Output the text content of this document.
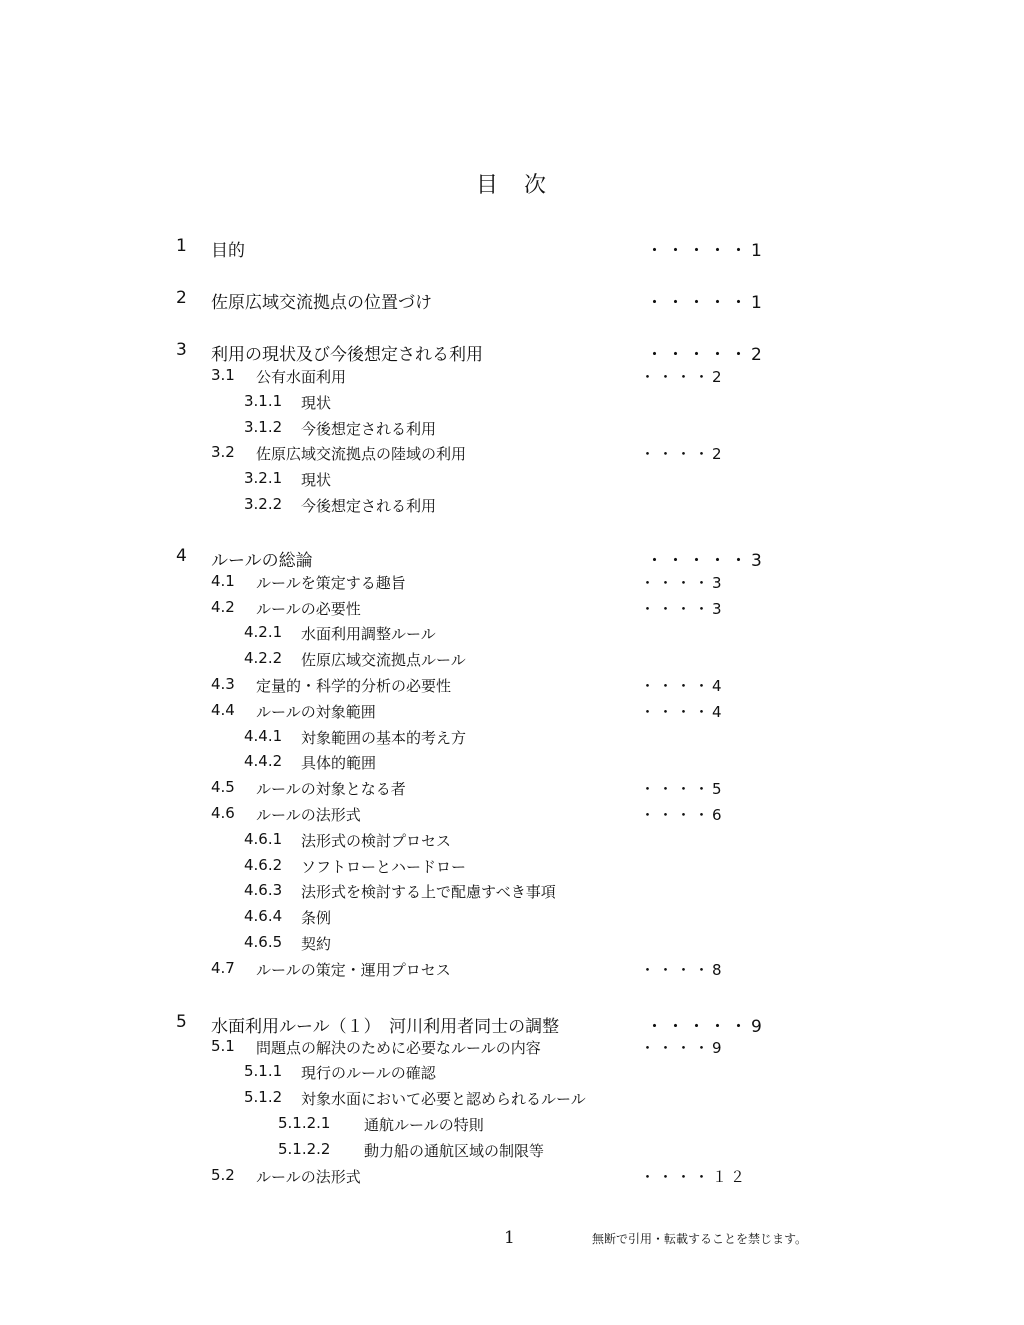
目　次
1 目的	・・・・・1
2 佐原広域交流拠点の位置づけ	・・・・・1
3 利用の現状及び今後想定される利用	・・・・・2
3.1 公有水面利用	・・・・2
3.1.1 現状
3.1.2 今後想定される利用
3.2 佐原広域交流拠点の陸域の利用	・・・・2
3.2.1 現状
3.2.2 今後想定される利用
4 ルールの総論	・・・・・3
4.1 ルールを策定する趣旨	・・・・3
4.2 ルールの必要性	・・・・3
4.2.1 水面利用調整ルール
4.2.2 佐原広域交流拠点ルール
4.3 定量的・科学的分析の必要性	・・・・4
4.4 ルールの対象範囲	・・・・4
4.4.1 対象範囲の基本的考え方
4.4.2 具体的範囲
4.5 ルールの対象となる者	・・・・5
4.6 ルールの法形式	・・・・6
4.6.1 法形式の検討プロセス
4.6.2 ソフトローとハードロー
4.6.3 法形式を検討する上で配慮すべき事項
4.6.4 条例
4.6.5 契約
4.7 ルールの策定・運用プロセス	・・・・8
5 水面利用ルール（１）　河川利用者同士の調整	・・・・・9
5.1 問題点の解決のために必要なルールの内容	・・・・9
5.1.1 現行のルールの確認
5.1.2 対象水面において必要と認められるルール
5.1.2.1 通航ルールの特則
5.1.2.2 動力船の通航区域の制限等
5.2 ルールの法形式	・・・・１２
1	無断で引用・転載することを禁じます。
